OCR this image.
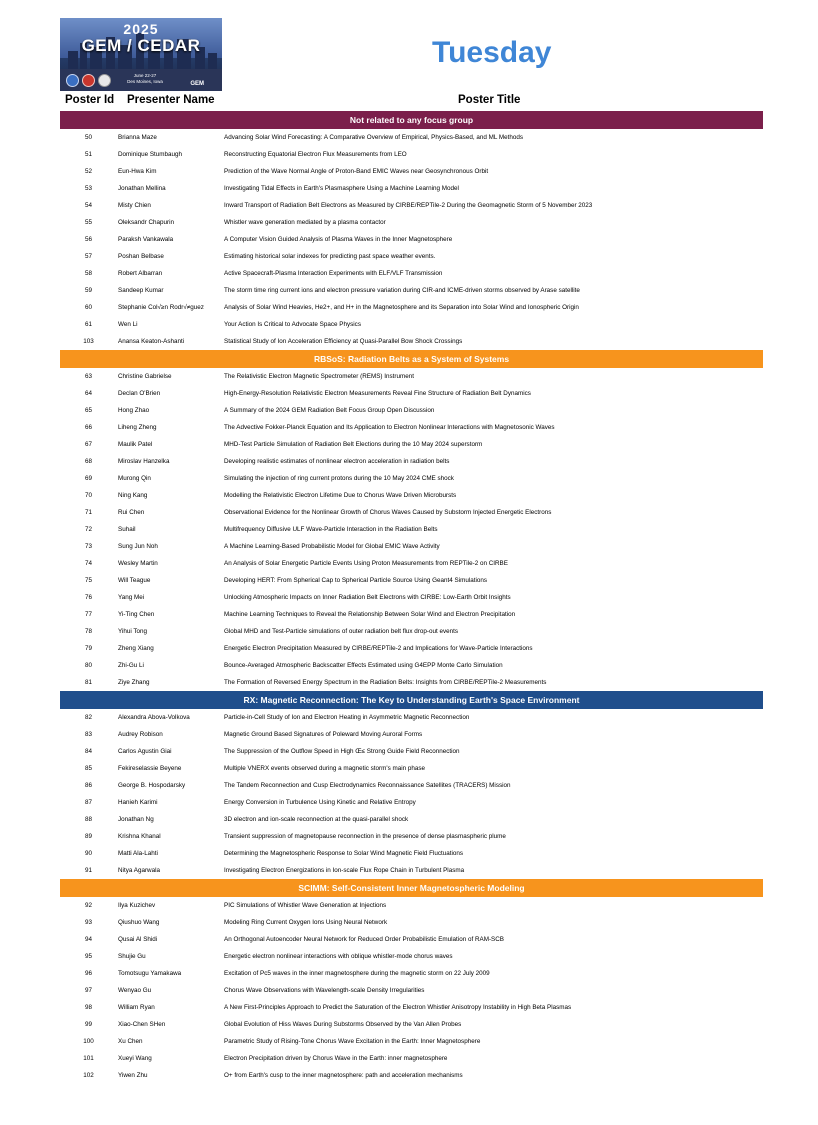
2025
GEM / CEDAR
June 22-27
Des Moines, Iowa	GEM
Tuesday
Poster Id Presenter Name	Poster Title
Not related to any focus group
50	Brianna Maze	Advancing Solar Wind Forecasting: A Comparative Overview of Empirical, Physics-Based, and ML Methods
51	Dominique Stumbaugh	Reconstructing Equatorial Electron Flux Measurements from LEO
52	Eun-Hwa Kim	Prediction of the Wave Normal Angle of Proton-Band EMIC Waves near Geosynchronous Orbit
53	Jonathan Mellina	Investigating Tidal Effects in Earth's Plasmasphere Using a Machine Learning Model
54	Misty Chien	Inward Transport of Radiation Belt Electrons as Measured by CIRBE/REPTile-2 During the Geomagnetic Storm of 5 November 2023
55	Oleksandr Chapurin	Whistler wave generation mediated by a plasma contactor
56	Paraksh Vankawala	A Computer Vision Guided Analysis of Plasma Waves in the Inner Magnetosphere
57	Poshan Belbase	Estimating historical solar indexes for predicting past space weather events.
58	Robert Albarran	Active Spacecraft-Plasma Interaction Experiments with ELF/VLF Transmission
59	Sandeep Kumar	The storm time ring current ions and electron pressure variation during CIR-and ICME-driven storms observed by Arase satellite
60	Stephanie Col√≥n Rodr√≠guez	Analysis of Solar Wind Heavies, He2+, and H+ in the Magnetosphere and its Separation into Solar Wind and Ionospheric Origin
61	Wen Li	Your Action Is Critical to Advocate Space Physics
103	Anansa Keaton-Ashanti	Statistical Study of Ion Acceleration Efficiency at Quasi-Parallel Bow Shock Crossings
RBSoS: Radiation Belts as a System of Systems
63	Christine Gabrielse	The Relativistic Electron Magnetic Spectrometer (REMS) Instrument
64	Declan O'Brien	High-Energy-Resolution Relativistic Electron Measurements Reveal Fine Structure of Radiation Belt Dynamics
65	Hong Zhao	A Summary of the 2024 GEM Radiation Belt Focus Group Open Discussion
66	Liheng Zheng	The Advective Fokker-Planck Equation and Its Application to Electron Nonlinear Interactions with Magnetosonic Waves
67	Maulik Patel	MHD-Test Particle Simulation of Radiation Belt Elections during the 10 May 2024 superstorm
68	Miroslav Hanzelka	Developing realistic estimates of nonlinear electron acceleration in radiation belts
69	Murong Qin	Simulating the injection of ring current protons during the 10 May 2024 CME shock
70	Ning Kang	Modelling the Relativistic Electron Lifetime Due to Chorus Wave Driven Microbursts
71	Rui Chen	Observational Evidence for the Nonlinear Growth of Chorus Waves Caused by Substorm Injected Energetic Electrons
72	Suhail	Multifrequency Diffusive ULF Wave-Particle Interaction in the Radiation Belts
73	Sung Jun Noh	A Machine Learning-Based Probabilistic Model for Global EMIC Wave Activity
74	Wesley Martin	An Analysis of Solar Energetic Particle Events Using Proton Measurements from REPTile-2 on CIRBE
75	Will Teague	Developing HERT: From Spherical Cap to Spherical Particle Source Using Geant4 Simulations
76	Yang Mei	Unlocking Atmospheric Impacts on Inner Radiation Belt Electrons with CIRBE: Low-Earth Orbit Insights
77	Yi-Ting Chen	Machine Learning Techniques to Reveal the Relationship Between Solar Wind and Electron Precipitation
78	Yihui Tong	Global MHD and Test-Particle simulations of outer radiation belt flux drop-out events
79	Zheng Xiang	Energetic Electron Precipitation Measured by CIRBE/REPTile-2 and Implications for Wave-Particle Interactions
80	Zhi-Gu Li	Bounce-Averaged Atmospheric Backscatter Effects Estimated using G4EPP Monte Carlo Simulation
81	Ziye Zhang	The Formation of Reversed Energy Spectrum in the Radiation Belts: Insights from CIRBE/REPTile-2 Measurements
RX: Magnetic Reconnection: The Key to Understanding Earth's Space Environment
82	Alexandra Abova-Volkova	Particle-in-Cell Study of Ion and Electron Heating in Asymmetric Magnetic Reconnection
83	Audrey Robison	Magnetic Ground Based Signatures of Poleward Moving Auroral Forms
84	Carlos Agustin Giai	The Suppression of the Outflow Speed in High Œ≤ Strong Guide Field Reconnection
85	Fekireselassie Beyene	Multiple VNERX events observed during a magnetic storm's main phase
86	George B. Hospodarsky	The Tandem Reconnection and Cusp Electrodynamics Reconnaissance Satellites (TRACERS) Mission
87	Hanieh Karimi	Energy Conversion in Turbulence Using Kinetic and Relative Entropy
88	Jonathan Ng	3D electron and ion-scale reconnection at the quasi-parallel shock
89	Krishna Khanal	Transient suppression of magnetopause reconnection in the presence of dense plasmaspheric plume
90	Matti Ala-Lahti	Determining the Magnetospheric Response to Solar Wind Magnetic Field Fluctuations
91	Nitya Agarwala	Investigating Electron Energizations in Ion-scale Flux Rope Chain in Turbulent Plasma
SCIMM: Self-Consistent Inner Magnetospheric Modeling
92	Ilya Kuzichev	PIC Simulations of Whistler Wave Generation at Injections
93	Qiushuo Wang	Modeling Ring Current Oxygen Ions Using Neural Network
94	Qusai Al Shidi	An Orthogonal Autoencoder Neural Network for Reduced Order Probabilistic Emulation of RAM-SCB
95	Shujie Gu	Energetic electron nonlinear interactions with oblique whistler-mode chorus waves
96	Tomotsugu Yamakawa	Excitation of Pc5 waves in the inner magnetosphere during the magnetic storm on 22 July 2009
97	Wenyao Gu	Chorus Wave Observations with Wavelength-scale Density Irregularities
98	William Ryan	A New First-Principles Approach to Predict the Saturation of the Electron Whistler Anisotropy Instability in High Beta Plasmas
99	Xiao-Chen SHen	Global Evolution of Hiss Waves During Substorms Observed by the Van Allen Probes
100	Xu Chen	Parametric Study of Rising-Tone Chorus Wave Excitation in the Earth: Inner Magnetosphere
101	Xueyi Wang	Electron Precipitation driven by Chorus Wave in the Earth: inner magnetosphere
102	Yiwen Zhu	O+ from Earth's cusp to the inner magnetosphere: path and acceleration mechanisms
